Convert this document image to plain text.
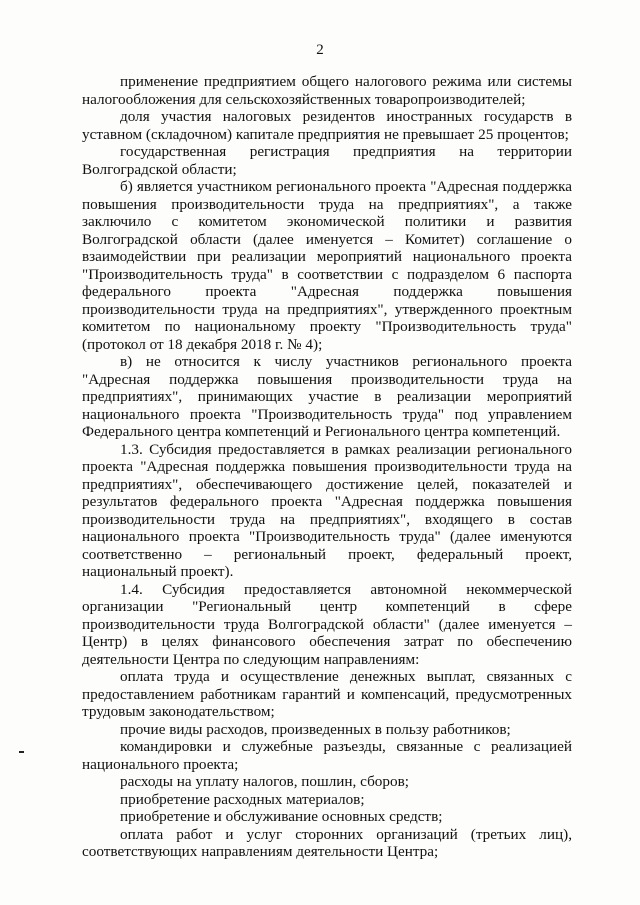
2

применение предприятием общего налогового режима или системы налогообложения для сельскохозяйственных товаропроизводителей;

доля участия налоговых резидентов иностранных государств в уставном (складочном) капитале предприятия не превышает 25 процентов;

государственная регистрация предприятия на территории Волгоградской области;

б) является участником регионального проекта "Адресная поддержка повышения производительности труда на предприятиях", а также заключило с комитетом экономической политики и развития Волгоградской области (далее именуется – Комитет) соглашение о взаимодействии при реализации мероприятий национального проекта "Производительность труда" в соответствии с подразделом 6 паспорта федерального проекта "Адресная поддержка повышения производительности труда на предприятиях", утвержденного проектным комитетом по национальному проекту "Производительность труда" (протокол от 18 декабря 2018 г. № 4);

в) не относится к числу участников регионального проекта "Адресная поддержка повышения производительности труда на предприятиях", принимающих участие в реализации мероприятий национального проекта "Производительность труда" под управлением Федерального центра компетенций и Регионального центра компетенций.

1.3. Субсидия предоставляется в рамках реализации регионального проекта "Адресная поддержка повышения производительности труда на предприятиях", обеспечивающего достижение целей, показателей и результатов федерального проекта "Адресная поддержка повышения производительности труда на предприятиях", входящего в состав национального проекта "Производительность труда" (далее именуются соответственно – региональный проект, федеральный проект, национальный проект).

1.4. Субсидия предоставляется автономной некоммерческой организации "Региональный центр компетенций в сфере производительности труда Волгоградской области" (далее именуется – Центр) в целях финансового обеспечения затрат по обеспечению деятельности Центра по следующим направлениям:

оплата труда и осуществление денежных выплат, связанных с предоставлением работникам гарантий и компенсаций, предусмотренных трудовым законодательством;

прочие виды расходов, произведенных в пользу работников;

командировки и служебные разъезды, связанные с реализацией национального проекта;

расходы на уплату налогов, пошлин, сборов;

приобретение расходных материалов;

приобретение и обслуживание основных средств;

оплата работ и услуг сторонних организаций (третьих лиц), соответствующих направлениям деятельности Центра;
